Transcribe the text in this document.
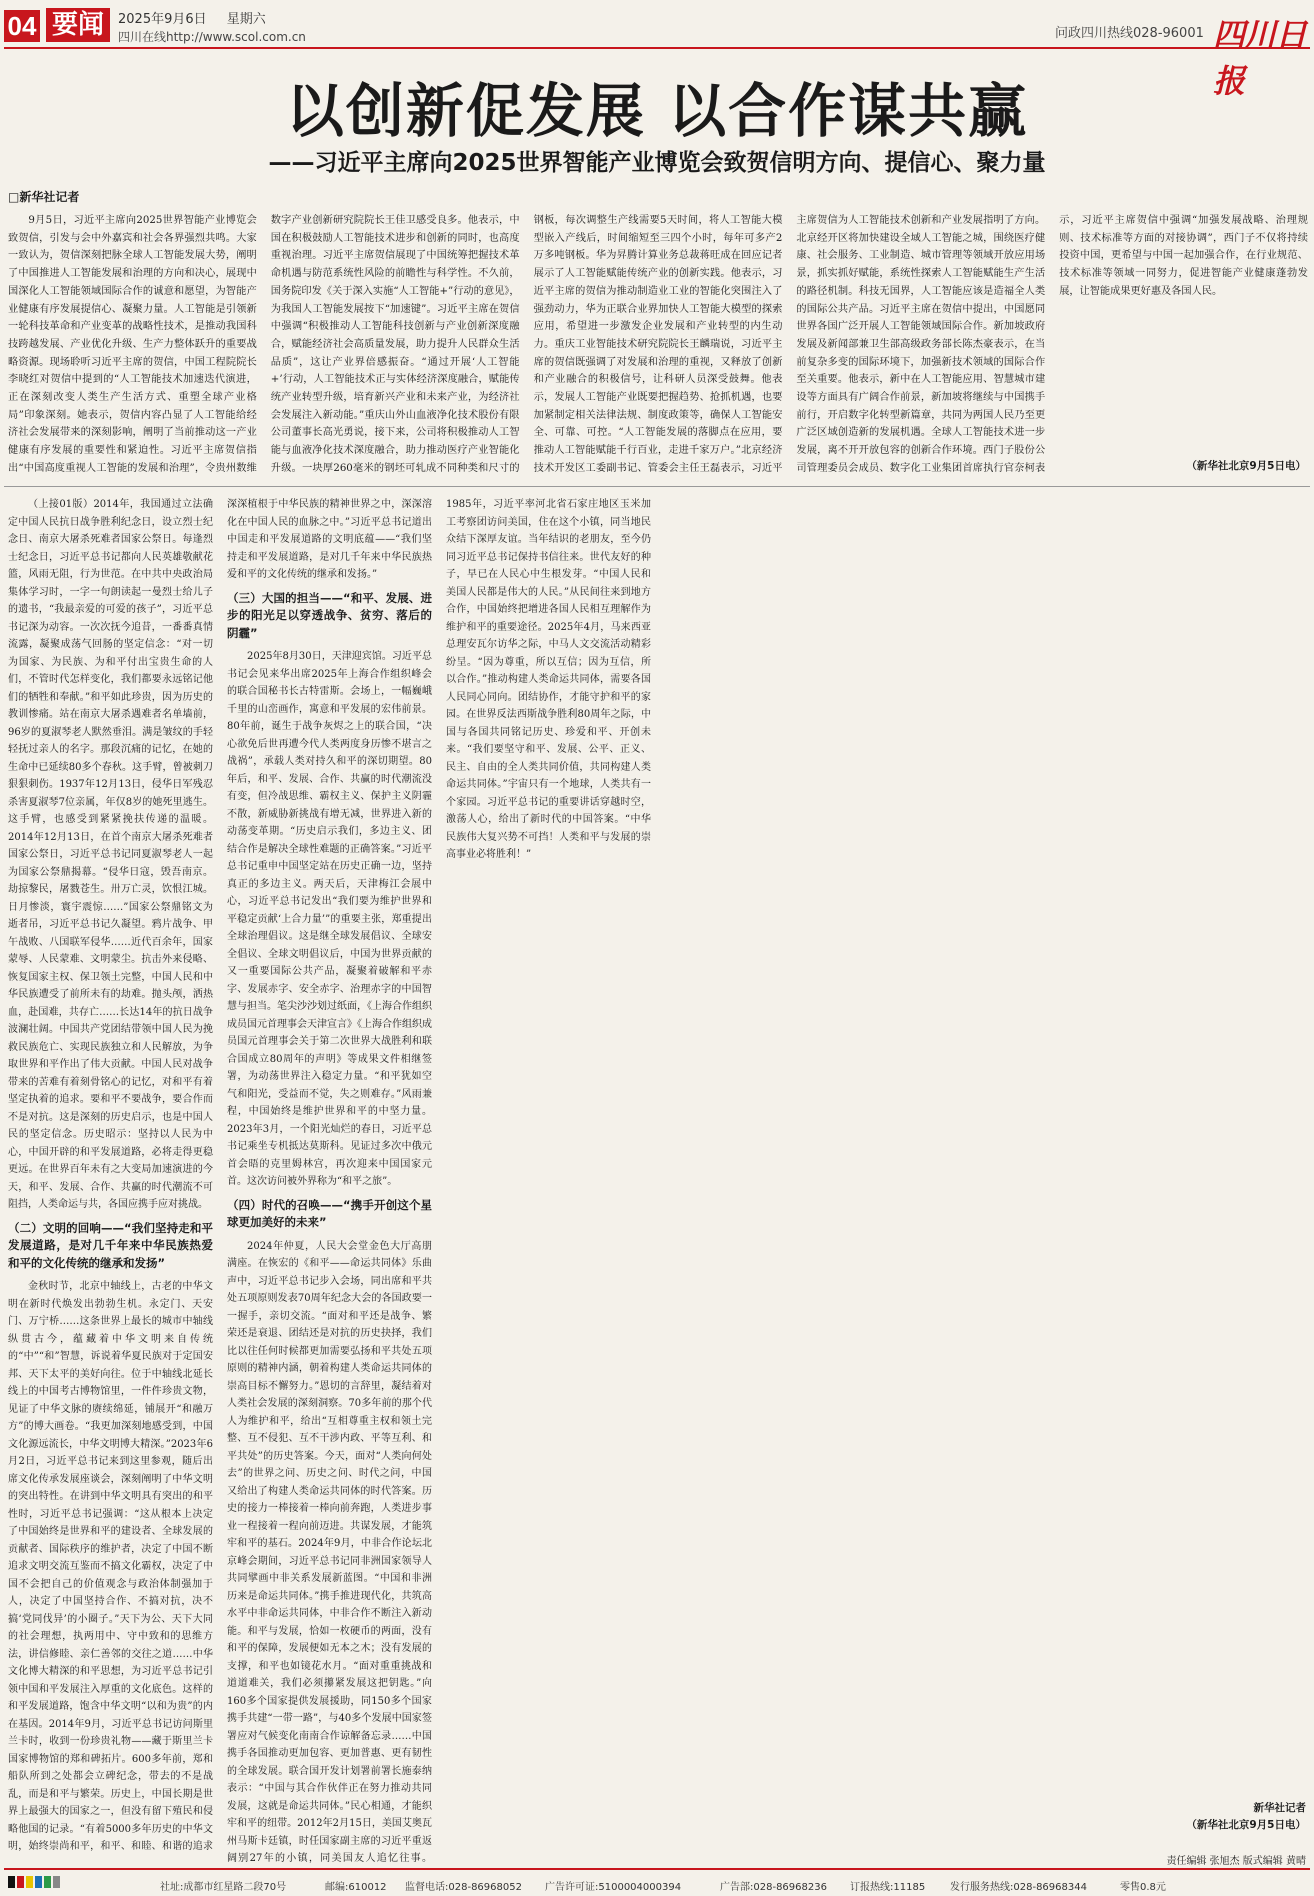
04 要闻	2025年9月6日 星期六
四川在线http://www.scol.com.cn	问政四川热线028-96001 四川日报
以创新促发展 以合作谋共赢
——习近平主席向2025世界智能产业博览会致贺信明方向、提信心、聚力量
□新华社记者

9月5日，习近平主席向2025世界智能产业博览会致贺信，引发与会中外嘉宾和社会各界强烈共鸣。大家一致认为，贺信深刻把脉全球人工智能发展大势，阐明了中国推进人工智能发展和治理的方向和决心，展现中国深化人工智能领域国际合作的诚意和愿望，为智能产业健康有序发展提信心、凝聚力量。人工智能是引领新一轮科技革命和产业变革的战略性技术，是推动我国科技跨越发展、产业优化升级、生产力整体跃升的重要战略资源。现场聆听习近平主席的贺信，中国工程院院长李晓红对贺信中提到的“人工智能技术加速迭代演进，正在深刻改变人类生产生活方式、重塑全球产业格局”印象深刻。她表示，贺信内容凸显了人工智能给经济社会发展带来的深刻影响，阐明了当前推动这一产业健康有序发展的重要性和紧迫性。习近平主席贺信指出“中国高度重视人工智能的发展和治理”，令贵州数维数字产业创新研究院院长王佳卫感受良多。他表示，中国在积极鼓励人工智能技术进步和创新的同时，也高度重视治理。习近平主席贺信展现了中国统筹把握技术革命机遇与防范系统性风险的前瞻性与科学性。不久前，国务院印发《关于深入实施“人工智能+”行动的意见》，为我国人工智能发展按下“加速键”。习近平主席在贺信中强调“积极推动人工智能科技创新与产业创新深度融合，赋能经济社会高质量发展，助力提升人民群众生活品质”，这让产业界倍感振奋。“通过开展‘人工智能+’行动，人工智能技术正与实体经济深度融合，赋能传统产业转型升级，培育新兴产业和未来产业，为经济社会发展注入新动能。”重庆山外山血液净化技术股份有限公司董事长高光勇说，接下来，公司将积极推动人工智能与血液净化技术深度融合，助力推动医疗产业智能化升级。一块厚260毫米的钢坯可轧成不同种类和尺寸的钢板，每次调整生产线需要5天时间，将人工智能大模型嵌入产线后，时间缩短至三四个小时，每年可多产2万多吨钢板。华为昇腾计算业务总裁蒋旺成在回应记者展示了人工智能赋能传统产业的创新实践。他表示，习近平主席的贺信为推动制造业工业的智能化突围注入了强劲动力，华为正联合业界加快人工智能大模型的探索应用，希望进一步激发企业发展和产业转型的内生动力。重庆工业智能技术研究院院长王麟瑞说，习近平主席的贺信既强调了对发展和治理的重视，又释放了创新和产业融合的积极信号，让科研人员深受鼓舞。他表示，发展人工智能产业既要把握趋势、抢抓机遇，也要加紧制定相关法律法规、制度政策等，确保人工智能安全、可靠、可控。“人工智能发展的落脚点在应用，要推动人工智能赋能千行百业，走进千家万户。”北京经济技术开发区工委副书记、管委会主任王磊表示，习近平主席贺信为人工智能技术创新和产业发展指明了方向。北京经开区将加快建设全域人工智能之城，围绕医疗健康、社会服务、工业制造、城市管理等领域开放应用场景，抓实抓好赋能，系统性探索人工智能赋能生产生活的路径机制。科技无国界，人工智能应该是造福全人类的国际公共产品。习近平主席在贺信中提出，中国愿同世界各国广泛开展人工智能领域国际合作。新加坡政府发展及新闻部兼卫生部高级政务部长陈杰豪表示，在当前复杂多变的国际环境下，加强新技术领域的国际合作至关重要。他表示，新中在人工智能应用、智慧城市建设等方面具有广阔合作前景，新加坡将继续与中国携手前行，开启数字化转型新篇章，共同为两国人民乃至更广泛区域创造新的发展机遇。全球人工智能技术进一步发展，离不开开放包容的创新合作环境。西门子股份公司管理委员会成员、数字化工业集团首席执行官奈柯表示，习近平主席贺信中强调“加强发展战略、治理规则、技术标准等方面的对接协调”，西门子不仅将持续投资中国，更希望与中国一起加强合作，在行业规范、技术标准等领域一同努力，促进智能产业健康蓬勃发展，让智能成果更好惠及各国人民。

（新华社北京9月5日电）

（上接01版）2014年，我国通过立法确定中国人民抗日战争胜利纪念日，设立烈士纪念日、南京大屠杀死难者国家公祭日。每逢烈士纪念日，习近平总书记都向人民英雄敬献花篮，风雨无阻，行为世范。在中共中央政治局集体学习时，一字一句朗读起一曼烈士给儿子的遗书，“我最亲爱的可爱的孩子”，习近平总书记深为动容。一次次抚今追昔，一番番真情流露，凝聚成荡气回肠的坚定信念：“对一切为国家、为民族、为和平付出宝贵生命的人们，不管时代怎样变化，我们都要永远铭记他们的牺牲和奉献。”和平如此珍贵，因为历史的教训惨痛。站在南京大屠杀遇难者名单墙前，96岁的夏淑琴老人默然垂泪。满是皱纹的手轻轻抚过亲人的名字。那段沉痛的记忆，在她的生命中已延续80多个春秋。这手臂，曾被刺刀狠狠刺伤。1937年12月13日，侵华日军残忍杀害夏淑琴7位亲属，年仅8岁的她死里逃生。这手臂，也感受到紧紧挽扶传递的温暖。2014年12月13日，在首个南京大屠杀死难者国家公祭日，习近平总书记同夏淑琴老人一起为国家公祭鼎揭幕。“侵华日寇，毁吾南京。劫掠黎民，屠戮苍生。卅万亡灵，饮恨江城。日月惨淡，寰宇震惊……”国家公祭鼎铭文为逝者吊，习近平总书记久凝望。鸦片战争、甲午战败、八国联军侵华……近代百余年，国家蒙辱、人民蒙难、文明蒙尘。抗击外来侵略、恢复国家主权、保卫领土完整，中国人民和中华民族遭受了前所未有的劫难。抛头颅，洒热血，赴国难，共存亡……长达14年的抗日战争波澜壮阔。中国共产党团结带领中国人民为挽救民族危亡、实现民族独立和人民解放，为争取世界和平作出了伟大贡献。中国人民对战争带来的苦难有着刻骨铭心的记忆，对和平有着坚定执着的追求。要和平不要战争，要合作而不是对抗。这是深刻的历史启示，也是中国人民的坚定信念。历史昭示：坚持以人民为中心，中国开辟的和平发展道路，必将走得更稳更远。在世界百年未有之大变局加速演进的今天，和平、发展、合作、共赢的时代潮流不可阻挡，人类命运与共，各国应携手应对挑战。

（二）文明的回响——“我们坚持走和平发展道路，是对几千年来中华民族热爱和平的文化传统的继承和发扬”

金秋时节，北京中轴线上，古老的中华文明在新时代焕发出勃勃生机。永定门、天安门、万宁桥……这条世界上最长的城市中轴线纵贯古今，蕴藏着中华文明来自传统的“中”“和”智慧，诉说着华夏民族对于定国安邦、天下太平的美好向往。位于中轴线北延长线上的中国考古博物馆里，一件件珍贵文物，见证了中华文脉的赓续绵延，铺展开“和融万方”的博大画卷。“我更加深刻地感受到，中国文化源远流长，中华文明博大精深。”2023年6月2日，习近平总书记来到这里参观，随后出席文化传承发展座谈会，深刻阐明了中华文明的突出特性。在讲到中华文明具有突出的和平性时，习近平总书记强调：“这从根本上决定了中国始终是世界和平的建设者、全球发展的贡献者、国际秩序的维护者，决定了中国不断追求文明交流互鉴而不搞文化霸权，决定了中国不会把自己的价值观念与政治体制强加于人，决定了中国坚持合作、不搞对抗，决不搞‘党同伐异’的小圈子。”天下为公、天下大同的社会理想，执两用中、守中致和的思维方法，讲信修睦、亲仁善邻的交往之道……中华文化博大精深的和平思想，为习近平总书记引领中国和平发展注入厚重的文化底色。这样的和平发展道路，饱含中华文明“以和为贵”的内在基因。2014年9月，习近平总书记访问斯里兰卡时，收到一份珍贵礼物——藏于斯里兰卡国家博物馆的郑和碑拓片。600多年前，郑和船队所到之处都会立碑纪念，带去的不是战乱，而是和平与繁荣。历史上，中国长期是世界上最强大的国家之一，但没有留下殖民和侵略他国的记录。“有着5000多年历史的中华文明，始终崇尚和平，和平、和睦、和谐的追求深深植根于中华民族的精神世界之中，深深溶化在中国人民的血脉之中。”习近平总书记道出中国走和平发展道路的文明底蕴——“我们坚持走和平发展道路，是对几千年来中华民族热爱和平的文化传统的继承和发扬。”

（三）大国的担当——“和平、发展、进步的阳光足以穿透战争、贫穷、落后的阴霾”

2025年8月30日，天津迎宾馆。习近平总书记会见来华出席2025年上海合作组织峰会的联合国秘书长古特雷斯。会场上，一幅巍峨千里的山峦画作，寓意和平发展的宏伟前景。80年前，诞生于战争灰烬之上的联合国，“决心欲免后世再遭今代人类两度身历惨不堪言之战祸”，承载人类对持久和平的深切期望。80年后，和平、发展、合作、共赢的时代潮流没有变，但冷战思维、霸权主义、保护主义阴霾不散，新威胁新挑战有增无减，世界进入新的动荡变革期。“历史启示我们，多边主义、团结合作是解决全球性难题的正确答案。”习近平总书记重申中国坚定站在历史正确一边，坚持真正的多边主义。两天后，天津梅江会展中心，习近平总书记发出“我们要为维护世界和平稳定贡献‘上合力量’”的重要主张，郑重提出全球治理倡议。这是继全球发展倡议、全球安全倡议、全球文明倡议后，中国为世界贡献的又一重要国际公共产品，凝聚着破解和平赤字、发展赤字、安全赤字、治理赤字的中国智慧与担当。笔尖沙沙划过纸面，《上海合作组织成员国元首理事会天津宣言》《上海合作组织成员国元首理事会关于第二次世界大战胜利和联合国成立80周年的声明》等成果文件相继签署，为动荡世界注入稳定力量。“和平犹如空气和阳光，受益而不觉，失之则难存。”风雨兼程，中国始终是维护世界和平的中坚力量。2023年3月，一个阳光灿烂的春日，习近平总书记乘坐专机抵达莫斯科。见证过多次中俄元首会晤的克里姆林宫，再次迎来中国国家元首。这次访问被外界称为“和平之旅”。

（四）时代的召唤——“携手开创这个星球更加美好的未来”

2024年仲夏，人民大会堂金色大厅高朋满座。在恢宏的《和平——命运共同体》乐曲声中，习近平总书记步入会场，同出席和平共处五项原则发表70周年纪念大会的各国政要一一握手，亲切交流。“面对和平还是战争、繁荣还是衰退、团结还是对抗的历史抉择，我们比以往任何时候都更加需要弘扬和平共处五项原则的精神内涵，朝着构建人类命运共同体的崇高目标不懈努力。”恩切的言辞里，凝结着对人类社会发展的深刻洞察。70多年前的那个代人为维护和平，给出“互相尊重主权和领土完整、互不侵犯、互不干涉内政、平等互利、和平共处”的历史答案。今天，面对“人类向何处去”的世界之问、历史之问、时代之问，中国又给出了构建人类命运共同体的时代答案。历史的接力一棒接着一棒向前奔跑，人类进步事业一程接着一程向前迈进。共谋发展，才能筑牢和平的基石。2024年9月，中非合作论坛北京峰会期间，习近平总书记同非洲国家领导人共同擘画中非关系发展新蓝图。“中国和非洲历来是命运共同体。”携手推进现代化，共筑高水平中非命运共同体，中非合作不断注入新动能。和平与发展，恰如一枚硬币的两面，没有和平的保障，发展便如无本之木；没有发展的支撑，和平也如镜花水月。“面对重重挑战和道道难关，我们必须攥紧发展这把钥匙。”向160多个国家提供发展援助，同150多个国家携手共建“一带一路”，与40多个发展中国家签署应对气候变化南南合作谅解备忘录……中国携手各国推动更加包容、更加普惠、更有韧性的全球发展。联合国开发计划署前署长施泰纳表示：“中国与其合作伙伴正在努力推动共同发展，这就是命运共同体。”民心相通，才能织牢和平的纽带。2012年2月15日，美国艾奥瓦州马斯卡廷镇，时任国家副主席的习近平重返阔别27年的小镇，同美国友人追忆往事。1985年，习近平率河北省石家庄地区玉米加工考察团访问美国，住在这个小镇，同当地民众结下深厚友谊。当年结识的老朋友，至今仍同习近平总书记保持书信往来。世代友好的种子，早已在人民心中生根发芽。“中国人民和美国人民都是伟大的人民。”从民间往来到地方合作，中国始终把增进各国人民相互理解作为维护和平的重要途径。2025年4月，马来西亚总理安瓦尔访华之际，中马人文交流活动精彩纷呈。“因为尊重，所以互信；因为互信，所以合作。”推动构建人类命运共同体，需要各国人民同心同向。团结协作，才能守护和平的家园。在世界反法西斯战争胜利80周年之际，中国与各国共同铭记历史、珍爱和平、开创未来。“我们要坚守和平、发展、公平、正义、民主、自由的全人类共同价值，共同构建人类命运共同体。”宇宙只有一个地球，人类共有一个家园。习近平总书记的重要讲话穿越时空，激荡人心，给出了新时代的中国答案。“中华民族伟大复兴势不可挡！人类和平与发展的崇高事业必将胜利！”

新华社记者
（新华社北京9月5日电）
责任编辑 张旭杰 版式编辑 黄晴
社址:成都市红星路二段70号	邮编:610012 监督电话:028-86968052 广告许可证:5100004000394	广告部:028-86968236 订报热线:11185 发行服务热线:028-86968344	零售0.8元
